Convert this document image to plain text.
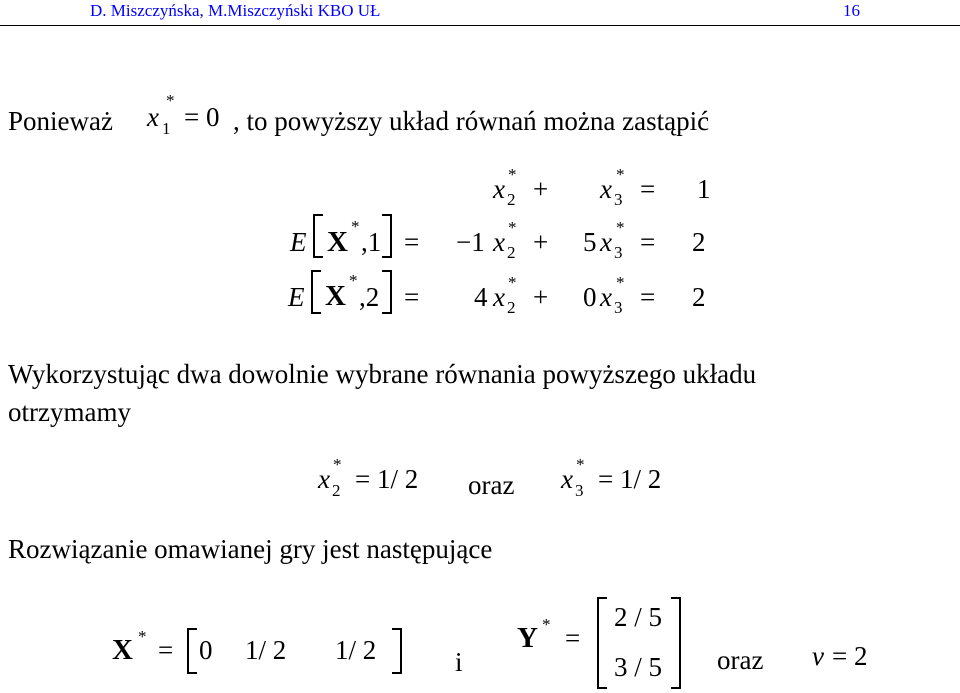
D. Miszczyńska, M.Miszczyński KBO UŁ	16
Ponieważ x 1
*
= 0 , to powyższy układ równań można zastąpić
x *
2 + x *
3 = 1
E X *
,1 = −1 x *
2 + 5 x *
3 = 2
E X *
,2 = 4 x *
2 + 0 x *
3 = 2
Wykorzystując dwa dowolnie wybrane równania powyższego układu
otrzymamy
x *
2 = 1/ 2 oraz x *
3 = 1/ 2
Rozwiązanie omawianej gry jest następujące
X * = 0 1/ 2 1/ 2	i
Y * =
2 / 5
3 / 5 oraz v = 2
